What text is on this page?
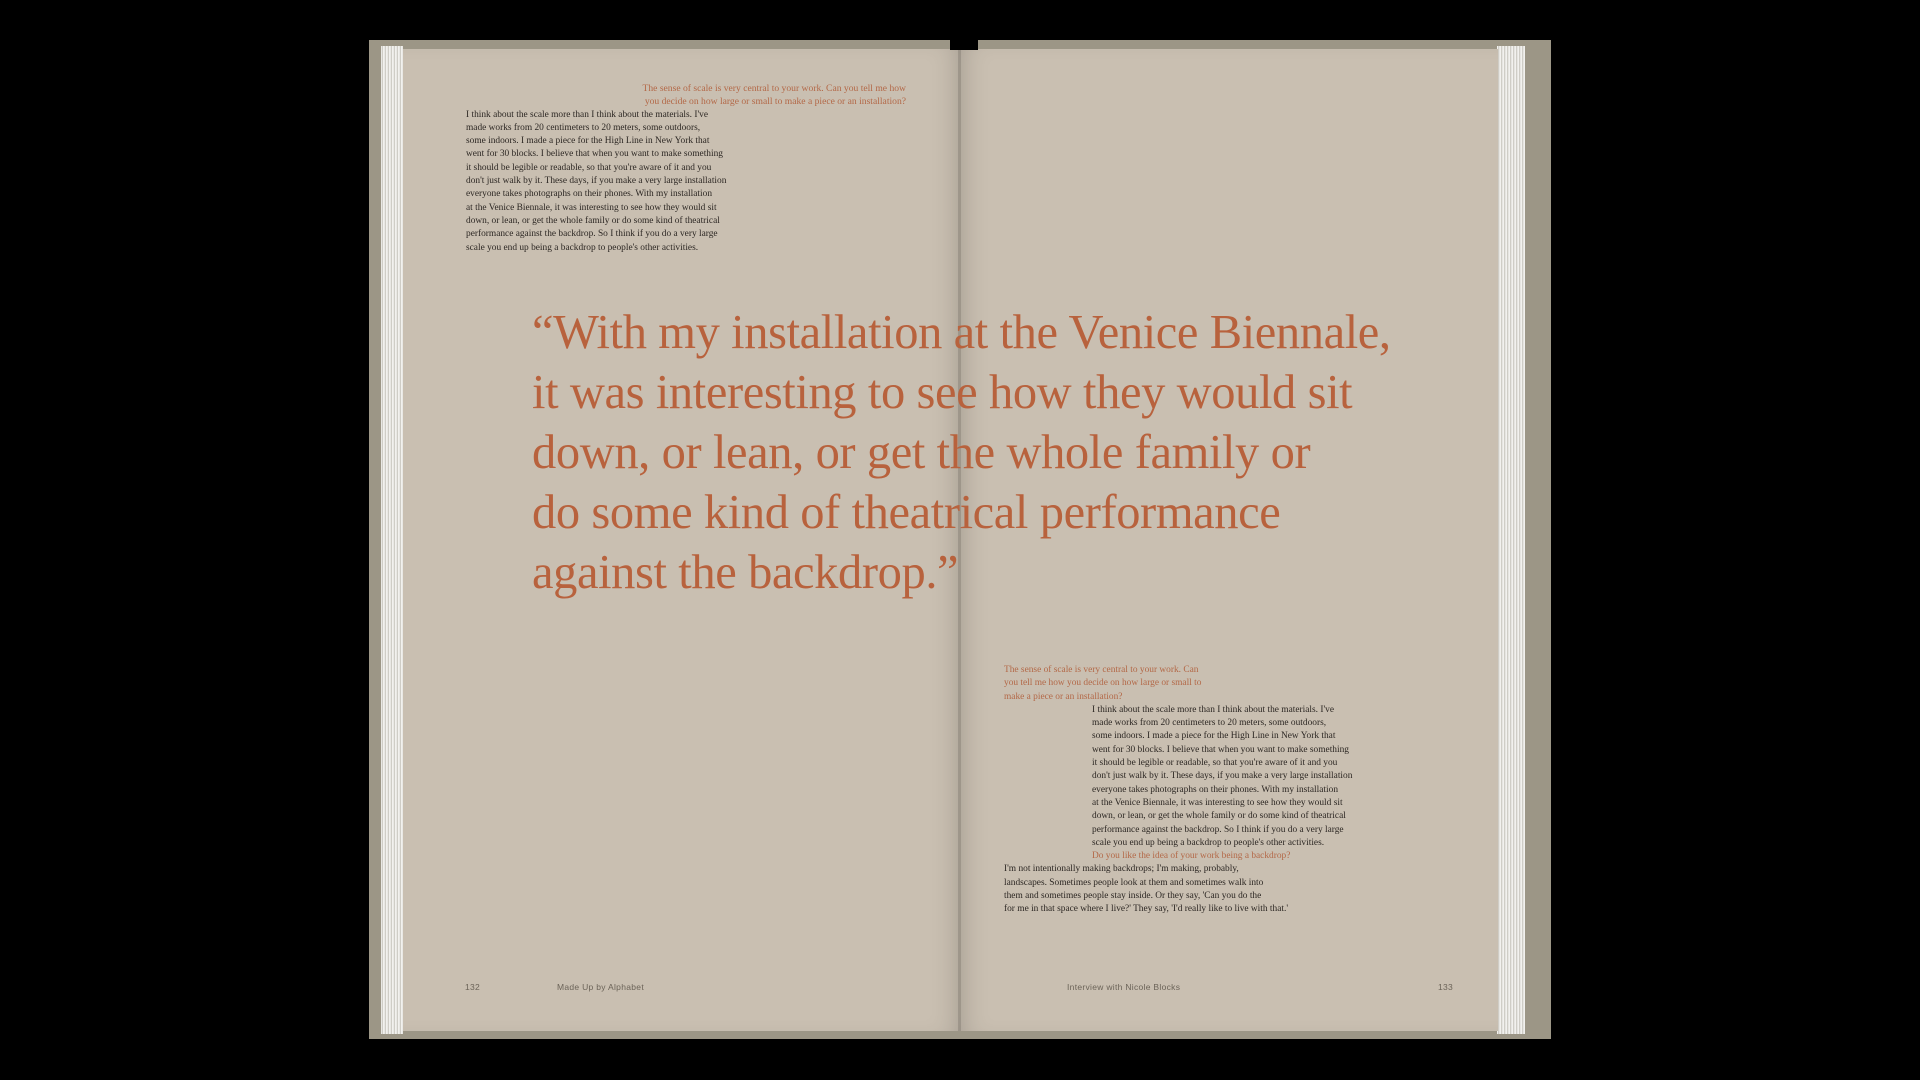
The sense of scale is very central to your work. Can you tell me how
you decide on how large or small to make a piece or an installation?
I think about the scale more than I think about the materials. I've
made works from 20 centimeters to 20 meters, some outdoors,
some indoors. I made a piece for the High Line in New York that
went for 30 blocks. I believe that when you want to make something
it should be legible or readable, so that you're aware of it and you
don't just walk by it. These days, if you make a very large installation
everyone takes photographs on their phones. With my installation
at the Venice Biennale, it was interesting to see how they would sit
down, or lean, or get the whole family or do some kind of theatrical
performance against the backdrop. So I think if you do a very large
scale you end up being a backdrop to people's other activities.
“With my installation at the Venice Biennale,
it was interesting to see how they would sit
down, or lean, or get the whole family or
do some kind of theatrical performance
against the backdrop.”
The sense of scale is very central to your work. Can
you tell me how you decide on how large or small to
make a piece or an installation?
I think about the scale more than I think about the materials. I've
made works from 20 centimeters to 20 meters, some outdoors,
some indoors. I made a piece for the High Line in New York that
went for 30 blocks. I believe that when you want to make something
it should be legible or readable, so that you're aware of it and you
don't just walk by it. These days, if you make a very large installation
everyone takes photographs on their phones. With my installation
at the Venice Biennale, it was interesting to see how they would sit
down, or lean, or get the whole family or do some kind of theatrical
performance against the backdrop. So I think if you do a very large
scale you end up being a backdrop to people's other activities.
Do you like the idea of your work being a backdrop?
I'm not intentionally making backdrops; I'm making, probably,
landscapes. Sometimes people look at them and sometimes walk into
them and sometimes people stay inside. Or they say, 'Can you do the
for me in that space where I live?' They say, 'I'd really like to live with that.'
132	Made Up by Alphabet	Interview with Nicole Blocks	133
